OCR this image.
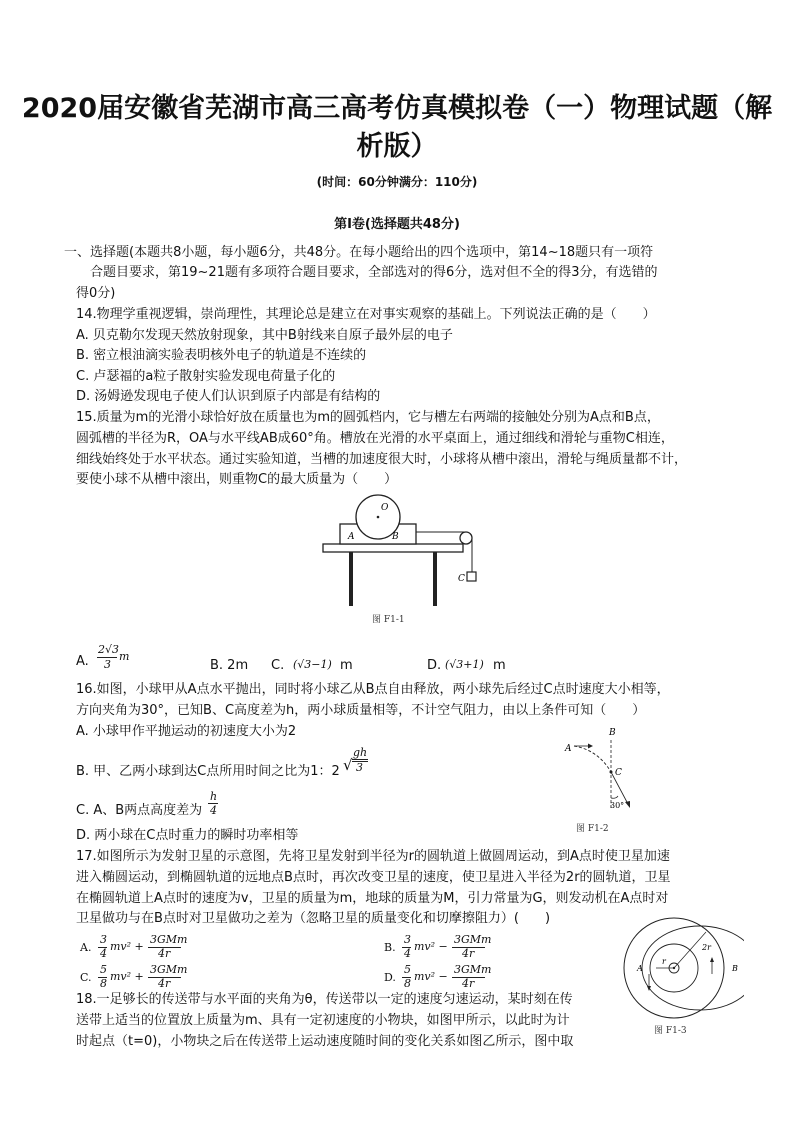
2020届安徽省芜湖市高三高考仿真模拟卷（一）物理试题（解
析版）
(时间：60分钟满分：110分)
第Ⅰ卷(选择题共48分)
一、选择题(本题共8小题，每小题6分，共48分。在每小题给出的四个选项中，第14~18题只有一项符
合题目要求，第19~21题有多项符合题目要求，全部选对的得6分，选对但不全的得3分，有选错的
得0分)
14.物理学重视逻辑，崇尚理性，其理论总是建立在对事实观察的基础上。下列说法正确的是（　　）
A. 贝克勒尔发现天然放射现象，其中B射线来自原子最外层的电子
B. 密立根油滴实验表明核外电子的轨道是不连续的
C. 卢瑟福的a粒子散射实验发现电荷量子化的
D. 汤姆逊发现电子使人们认识到原子内部是有结构的
15.质量为m的光滑小球恰好放在质量也为m的圆弧档内，它与槽左右两端的接触处分别为A点和B点，
圆弧槽的半径为R，OA与水平线AB成60°角。槽放在光滑的水平桌面上，通过细线和滑轮与重物C相连，
细线始终处于水平状态。通过实验知道，当槽的加速度很大时，小球将从槽中滚出，滑轮与绳质量都不计，
要使小球不从槽中滚出，则重物C的最大质量为（　　）
O
A	B
C
图 F1-1
A.
2√3
3
m
B. 2m C. (√3−1) m	D. (√3+1) m
16.如图，小球甲从A点水平抛出，同时将小球乙从B点自由释放，两小球先后经过C点时速度大小相等，
方向夹角为30°，已知B、C高度差为h，两小球质量相等，不计空气阻力，由以上条件可知（　　）
A. 小球甲作平抛运动的初速度大小为2
B. 甲、乙两小球到达C点所用时间之比为1：2 √
gh
3
C. A、B两点高度差为
h
4
D. 两小球在C点时重力的瞬时功率相等
B
A
C
30°
图 F1-2
17.如图所示为发射卫星的示意图，先将卫星发射到半径为r的圆轨道上做圆周运动，到A点时使卫星加速
进入椭圆运动，到椭圆轨道的远地点B点时，再次改变卫星的速度，使卫星进入半径为2r的圆轨道，卫星
在椭圆轨道上A点时的速度为v，卫星的质量为m，地球的质量为M，引力常量为G，则发动机在A点时对
卫星做功与在B点时对卫星做功之差为（忽略卫星的质量变化和切摩擦阻力）(　　)
A.
3
4
mv² +
3GMm
4r	B.
3
4
mv² −
3GMm
4r
C.
5
8
mv² +
3GMm
4r	D.
5
8
mv² −
3GMm
4r
r
2r
A	B
图 F1-3
18.一足够长的传送带与水平面的夹角为θ，传送带以一定的速度匀速运动，某时刻在传
送带上适当的位置放上质量为m、具有一定初速度的小物块，如图甲所示，以此时为计
时起点（t=0)，小物块之后在传送带上运动速度随时间的变化关系如图乙所示，图中取
